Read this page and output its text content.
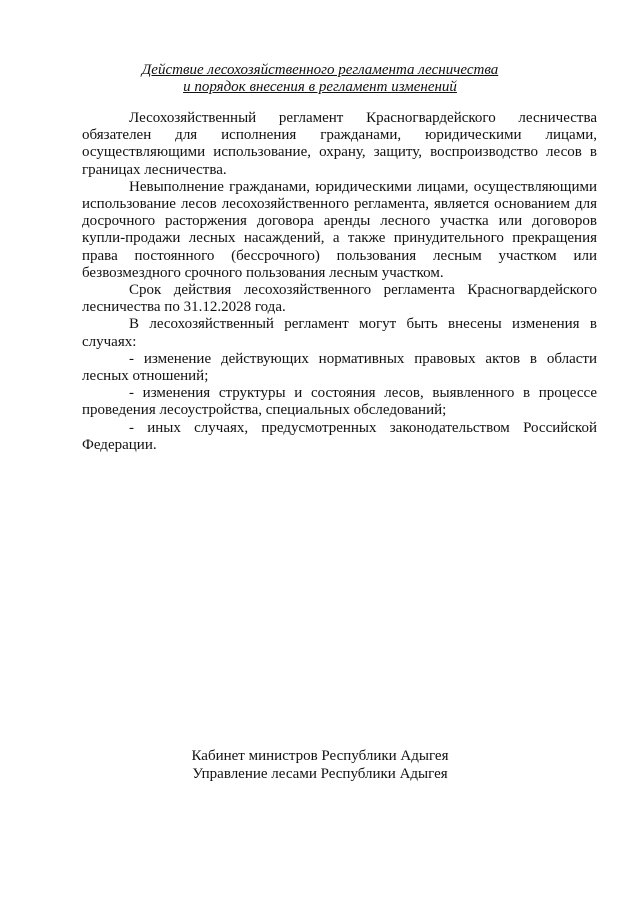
Действие лесохозяйственного регламента лесничества
и порядок внесения в регламент изменений

Лесохозяйственный регламент Красногвардейского лесничества обязателен для исполнения гражданами, юридическими лицами, осуществляющими использование, охрану, защиту, воспроизводство лесов в границах лесничества.

Невыполнение гражданами, юридическими лицами, осуществляющими использование лесов лесохозяйственного регламента, является основанием для досрочного расторжения договора аренды лесного участка или договоров купли-продажи лесных насаждений, а также принудительного прекращения права постоянного (бессрочного) пользования лесным участком или безвозмездного срочного пользования лесным участком.

Срок действия лесохозяйственного регламента Красногвардейского лесничества по 31.12.2028 года.

В лесохозяйственный регламент могут быть внесены изменения в случаях:

- изменение действующих нормативных правовых актов в области лесных отношений;

- изменения структуры и состояния лесов, выявленного в процессе проведения лесоустройства, специальных обследований;

- иных случаях, предусмотренных законодательством Российской Федерации.

Кабинет министров Республики Адыгея
Управление лесами Республики Адыгея
